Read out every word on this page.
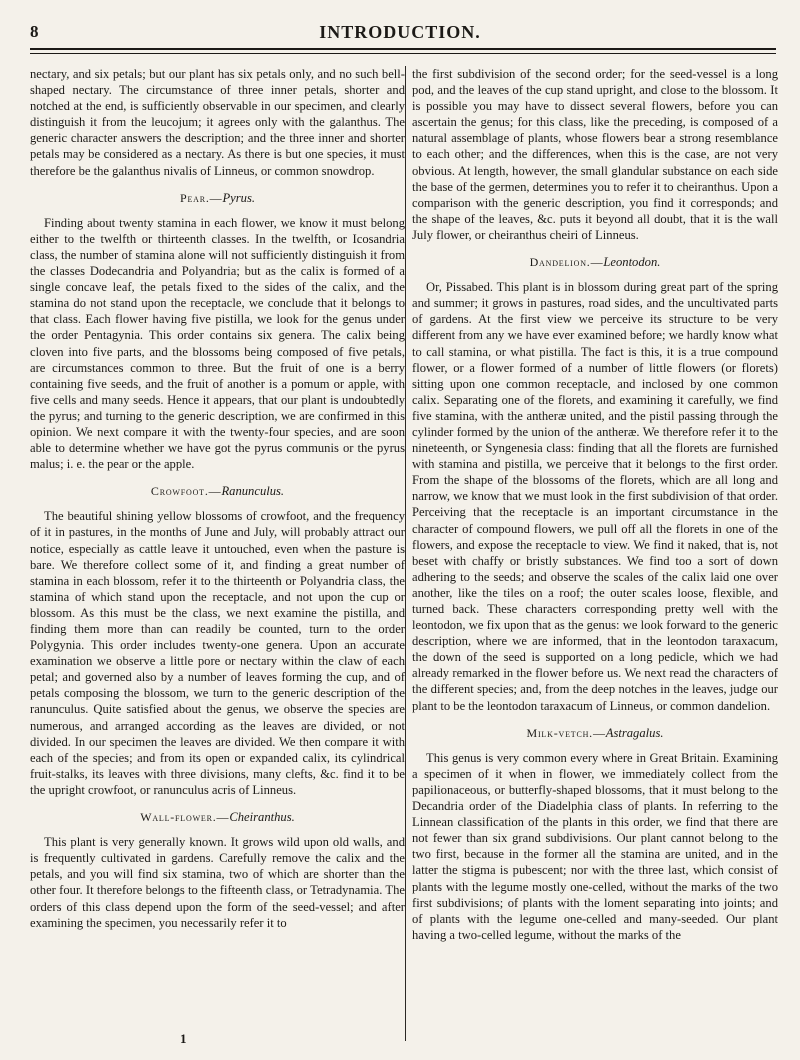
8	INTRODUCTION.

nectary, and six petals; but our plant has six petals only, and no such bell-shaped nectary. The circumstance of three inner petals, shorter and notched at the end, is sufficiently observable in our specimen, and clearly distinguish it from the leucojum; it agrees only with the galanthus. The generic character answers the description; and the three inner and shorter petals may be considered as a nectary. As there is but one species, it must therefore be the galanthus nivalis of Linneus, or common snowdrop.

Pear.—Pyrus.

Finding about twenty stamina in each flower, we know it must belong either to the twelfth or thirteenth classes. In the twelfth, or Icosandria class, the number of stamina alone will not sufficiently distinguish it from the classes Dodecandria and Polyandria; but as the calix is formed of a single concave leaf, the petals fixed to the sides of the calix, and the stamina do not stand upon the receptacle, we conclude that it belongs to that class. Each flower having five pistilla, we look for the genus under the order Pentagynia. This order contains six genera. The calix being cloven into five parts, and the blossoms being composed of five petals, are circumstances common to three. But the fruit of one is a berry containing five seeds, and the fruit of another is a pomum or apple, with five cells and many seeds. Hence it appears, that our plant is undoubtedly the pyrus; and turning to the generic description, we are confirmed in this opinion. We next compare it with the twenty-four species, and are soon able to determine whether we have got the pyrus communis or the pyrus malus; i. e. the pear or the apple.

Crowfoot.—Ranunculus.

The beautiful shining yellow blossoms of crowfoot, and the frequency of it in pastures, in the months of June and July, will probably attract our notice, especially as cattle leave it untouched, even when the pasture is bare. We therefore collect some of it, and finding a great number of stamina in each blossom, refer it to the thirteenth or Polyandria class, the stamina of which stand upon the receptacle, and not upon the cup or blossom. As this must be the class, we next examine the pistilla, and finding them more than can readily be counted, turn to the order Polygynia. This order includes twenty-one genera. Upon an accurate examination we observe a little pore or nectary within the claw of each petal; and governed also by a number of leaves forming the cup, and of petals composing the blossom, we turn to the generic description of the ranunculus. Quite satisfied about the genus, we observe the species are numerous, and arranged according as the leaves are divided, or not divided. In our specimen the leaves are divided. We then compare it with each of the species; and from its open or expanded calix, its cylindrical fruit-stalks, its leaves with three divisions, many clefts, &c. find it to be the upright crowfoot, or ranunculus acris of Linneus.

Wall-flower.—Cheiranthus.

This plant is very generally known. It grows wild upon old walls, and is frequently cultivated in gardens. Carefully remove the calix and the petals, and you will find six stamina, two of which are shorter than the other four. It therefore belongs to the fifteenth class, or Tetradynamia. The orders of this class depend upon the form of the seed-vessel; and after examining the specimen, you necessarily refer it to

the first subdivision of the second order; for the seed-vessel is a long pod, and the leaves of the cup stand upright, and close to the blossom. It is possible you may have to dissect several flowers, before you can ascertain the genus; for this class, like the preceding, is composed of a natural assemblage of plants, whose flowers bear a strong resemblance to each other; and the differences, when this is the case, are not very obvious. At length, however, the small glandular substance on each side the base of the germen, determines you to refer it to cheiranthus. Upon a comparison with the generic description, you find it corresponds; and the shape of the leaves, &c. puts it beyond all doubt, that it is the wall July flower, or cheiranthus cheiri of Linneus.

Dandelion.—Leontodon.

Or, Pissabed. This plant is in blossom during great part of the spring and summer; it grows in pastures, road sides, and the uncultivated parts of gardens. At the first view we perceive its structure to be very different from any we have ever examined before; we hardly know what to call stamina, or what pistilla. The fact is this, it is a true compound flower, or a flower formed of a number of little flowers (or florets) sitting upon one common receptacle, and inclosed by one common calix. Separating one of the florets, and examining it carefully, we find five stamina, with the antheræ united, and the pistil passing through the cylinder formed by the union of the antheræ. We therefore refer it to the nineteenth, or Syngenesia class: finding that all the florets are furnished with stamina and pistilla, we perceive that it belongs to the first order. From the shape of the blossoms of the florets, which are all long and narrow, we know that we must look in the first subdivision of that order. Perceiving that the receptacle is an important circumstance in the character of compound flowers, we pull off all the florets in one of the flowers, and expose the receptacle to view. We find it naked, that is, not beset with chaffy or bristly substances. We find too a sort of down adhering to the seeds; and observe the scales of the calix laid one over another, like the tiles on a roof; the outer scales loose, flexible, and turned back. These characters corresponding pretty well with the leontodon, we fix upon that as the genus: we look forward to the generic description, where we are informed, that in the leontodon taraxacum, the down of the seed is supported on a long pedicle, which we had already remarked in the flower before us. We next read the characters of the different species; and, from the deep notches in the leaves, judge our plant to be the leontodon taraxacum of Linneus, or common dandelion.

Milk-vetch.—Astragalus.

This genus is very common every where in Great Britain. Examining a specimen of it when in flower, we immediately collect from the papilionaceous, or butterfly-shaped blossoms, that it must belong to the Decandria order of the Diadelphia class of plants. In referring to the Linnean classification of the plants in this order, we find that there are not fewer than six grand subdivisions. Our plant cannot belong to the two first, because in the former all the stamina are united, and in the latter the stigma is pubescent; nor with the three last, which consist of plants with the legume mostly one-celled, without the marks of the two first subdivisions; of plants with the loment separating into joints; and of plants with the legume one-celled and many-seeded. Our plant having a two-celled legume, without the marks of the

1
